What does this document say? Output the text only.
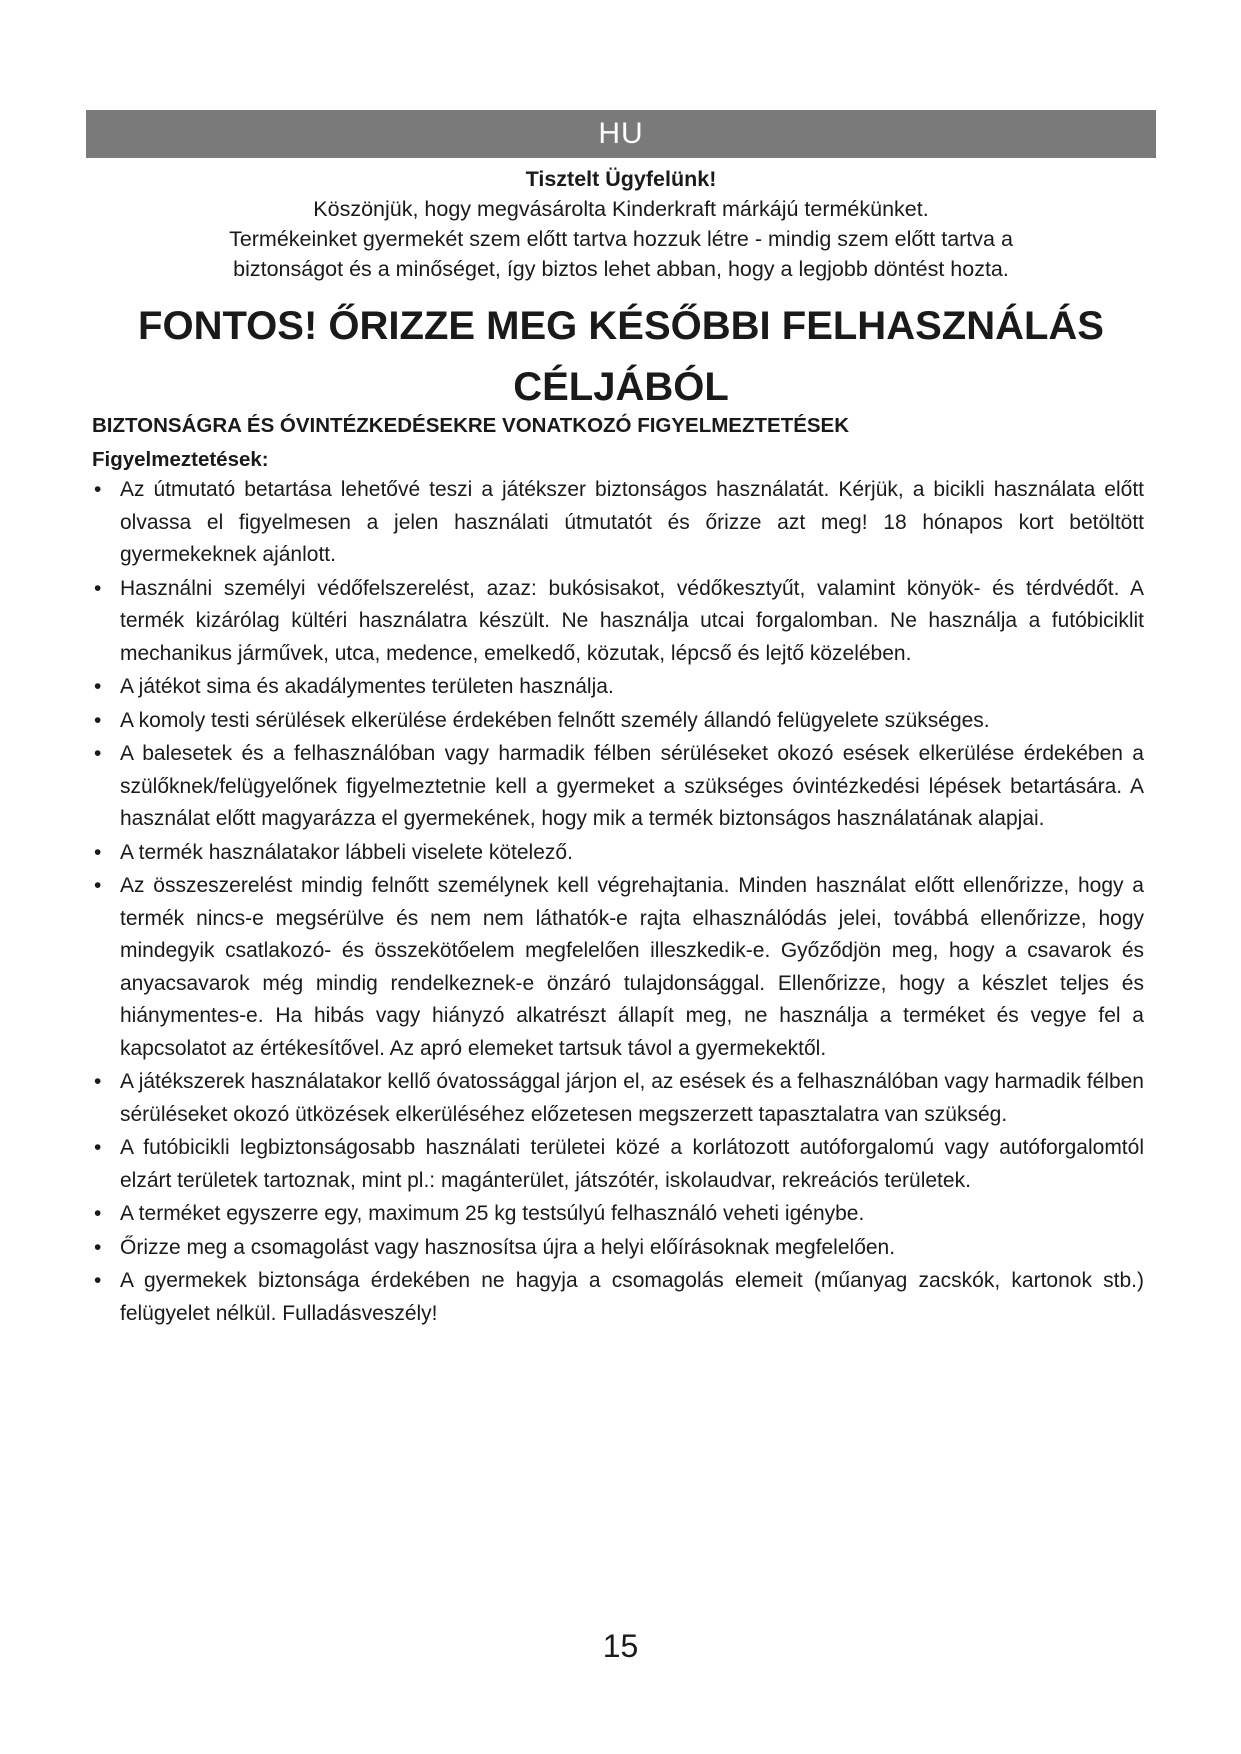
HU
Tisztelt Ügyfelünk!
Köszönjük, hogy megvásárolta Kinderkraft márkájú termékünket.
Termékeinket gyermekét szem előtt tartva hozzuk létre - mindig szem előtt tartva a
biztonságot és a minőséget, így biztos lehet abban, hogy a legjobb döntést hozta.
FONTOS! ŐRIZZE MEG KÉSŐBBI FELHASZNÁLÁS
CÉLJÁBÓL
BIZTONSÁGRA ÉS ÓVINTÉZKEDÉSEKRE VONATKOZÓ FIGYELMEZTETÉSEK
Figyelmeztetések:
• Az útmutató betartása lehetővé teszi a játékszer biztonságos használatát. Kérjük, a bicikli használata előtt olvassa el figyelmesen a jelen használati útmutatót és őrizze azt meg! 18 hónapos kort betöltött gyermekeknek ajánlott.
• Használni személyi védőfelszerelést, azaz: bukósisakot, védőkesztyűt, valamint könyök- és térdvédőt. A termék kizárólag kültéri használatra készült. Ne használja utcai forgalomban. Ne használja a futóbiciklit mechanikus járművek, utca, medence, emelkedő, közutak, lépcső és lejtő közelében.
• A játékot sima és akadálymentes területen használja.
• A komoly testi sérülések elkerülése érdekében felnőtt személy állandó felügyelete szükséges.
• A balesetek és a felhasználóban vagy harmadik félben sérüléseket okozó esések elkerülése érdekében a szülőknek/felügyelőnek figyelmeztetnie kell a gyermeket a szükséges óvintézkedési lépések betartására. A használat előtt magyarázza el gyermekének, hogy mik a termék biztonságos használatának alapjai.
• A termék használatakor lábbeli viselete kötelező.
• Az összeszerelést mindig felnőtt személynek kell végrehajtania. Minden használat előtt ellenőrizze, hogy a termék nincs-e megsérülve és nem nem láthatók-e rajta elhasználódás jelei, továbbá ellenőrizze, hogy mindegyik csatlakozó- és összekötőelem megfelelően illeszkedik-e. Győződjön meg, hogy a csavarok és anyacsavarok még mindig rendelkeznek-e önzáró tulajdonsággal. Ellenőrizze, hogy a készlet teljes és hiánymentes-e. Ha hibás vagy hiányzó alkatrészt állapít meg, ne használja a terméket és vegye fel a kapcsolatot az értékesítővel. Az apró elemeket tartsuk távol a gyermekektől.
• A játékszerek használatakor kellő óvatossággal járjon el, az esések és a felhasználóban vagy harmadik félben sérüléseket okozó ütközések elkerüléséhez előzetesen megszerzett tapasztalatra van szükség.
• A futóbicikli legbiztonságosabb használati területei közé a korlátozott autóforgalomú vagy autóforgalomtól elzárt területek tartoznak, mint pl.: magánterület, játszótér, iskolaudvar, rekreációs területek.
• A terméket egyszerre egy, maximum 25 kg testsúlyú felhasználó veheti igénybe.
• Őrizze meg a csomagolást vagy hasznosítsa újra a helyi előírásoknak megfelelően.
• A gyermekek biztonsága érdekében ne hagyja a csomagolás elemeit (műanyag zacskók, kartonok stb.) felügyelet nélkül. Fulladásveszély!
15
